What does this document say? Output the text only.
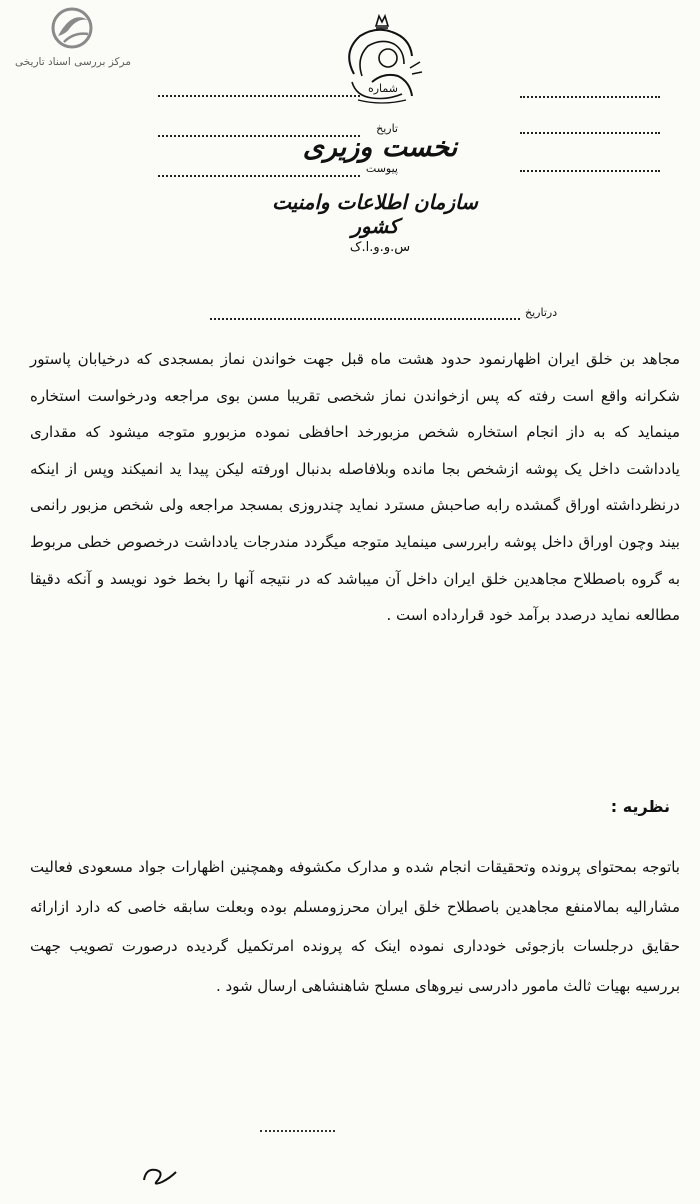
مرکز بررسی اسناد تاریخی
نخست وزیری
سازمان اطلاعات وامنیت کشور
س.و.و.ا.ک
شماره
تاریخ
پیوست
درتاریخ
مجاهد بن خلق ایران اظهارنمود حدود هشت ماه قبل جهت خواندن نماز بمسجدی که درخیابان پاستور شکرانه واقع است رفته که پس ازخواندن نماز شخصی تقریبا مسن بوی مراجعه ودرخواست استخاره مینماید که به داز انجام استخاره شخص مزبورخد احافظی نموده مزبورو متوجه میشود که مقداری یادداشت داخل یک پوشه ازشخص بجا مانده وبلافاصله بدنبال اورفته لیکن پیدا ید انمیکند وپس از اینکه درنظرداشته اوراق گمشده رابه صاحبش مسترد نماید چندروزی بمسجد مراجعه ولی شخص مزبور رانمی بیند وچون اوراق داخل پوشه رابررسی مینماید متوجه میگردد مندرجات یادداشت درخصوص خطی مربوط به گروه باصطلاح مجاهدین خلق ایران داخل آن میباشد که در نتیجه آنها را بخط خود نویسد و آنکه دقیقا مطالعه نماید درصدد برآمد خود قرارداده است .
نظریه :
باتوجه بمحتوای پرونده وتحقیقات انجام شده و مدارک مکشوفه وهمچنین اظهارات جواد مسعودی فعالیت مشارالیه بمالامنفع مجاهدین باصطلاح خلق ایران محرزومسلم بوده وبعلت سابقه خاصی که دارد ازارائه حقایق درجلسات بازجوئی خودداری نموده اینک که پرونده امرتکمیل گردیده درصورت تصویب جهت بررسیه بهیات ثالث مامور دادرسی نیروهای مسلح شاهنشاهی ارسال شود .
